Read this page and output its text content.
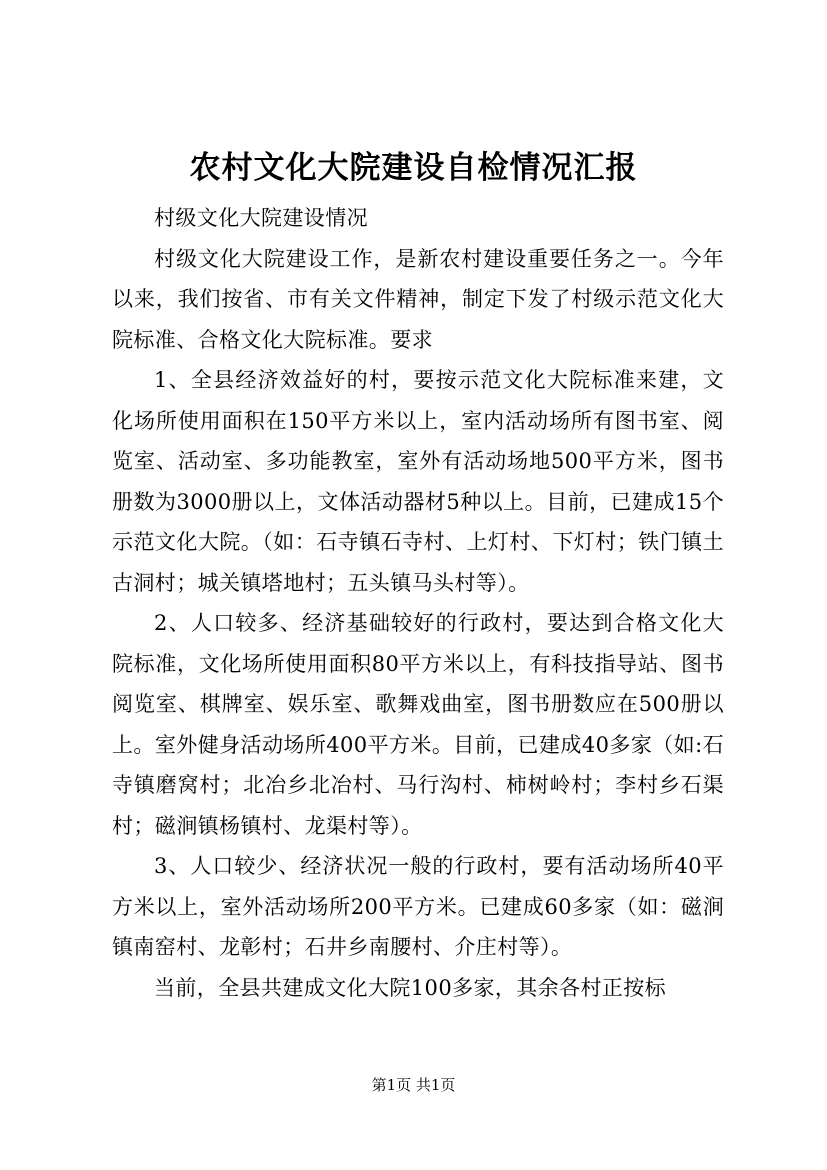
农村文化大院建设自检情况汇报

村级文化大院建设情况

村级文化大院建设工作，是新农村建设重要任务之一。今年以来，我们按省、市有关文件精神，制定下发了村级示范文化大院标准、合格文化大院标准。要求

1、全县经济效益好的村，要按示范文化大院标准来建，文化场所使用面积在150平方米以上，室内活动场所有图书室、阅览室、活动室、多功能教室，室外有活动场地500平方米，图书册数为3000册以上，文体活动器材5种以上。目前，已建成15个示范文化大院。（如：石寺镇石寺村、上灯村、下灯村；铁门镇土古洞村；城关镇塔地村；五头镇马头村等）。

2、人口较多、经济基础较好的行政村，要达到合格文化大院标准，文化场所使用面积80平方米以上，有科技指导站、图书阅览室、棋牌室、娱乐室、歌舞戏曲室，图书册数应在500册以上。室外健身活动场所400平方米。目前，已建成40多家（如:石寺镇磨窝村；北冶乡北冶村、马行沟村、柿树岭村；李村乡石渠村；磁涧镇杨镇村、龙渠村等）。

3、人口较少、经济状况一般的行政村，要有活动场所40平方米以上，室外活动场所200平方米。已建成60多家（如：磁涧镇南窑村、龙彰村；石井乡南腰村、介庄村等）。

当前，全县共建成文化大院100多家，其余各村正按标

第1页 共1页
